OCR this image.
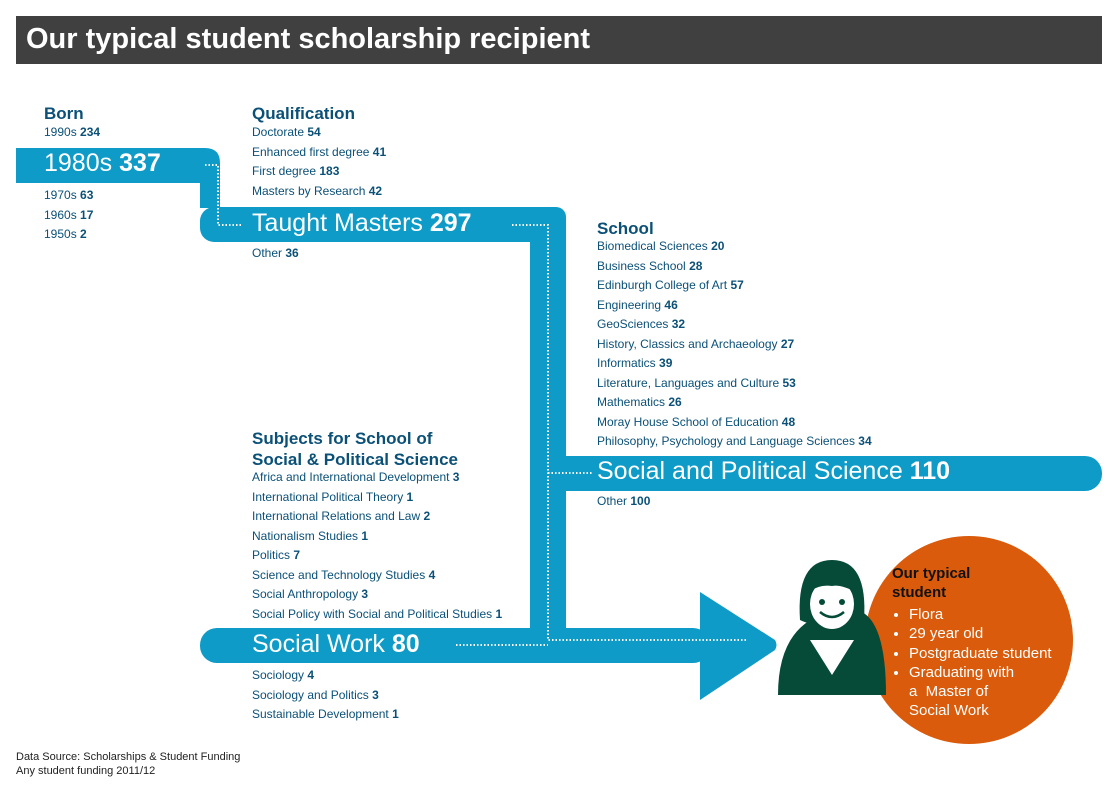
Our typical student scholarship recipient
Born
1990s 234
1980s 337
1970s 63
1960s 17
1950s 2
Qualification
Doctorate 54
Enhanced first degree 41
First degree 183
Masters by Research 42
Taught Masters 297
Other 36
School
Biomedical Sciences 20
Business School 28
Edinburgh College of Art 57
Engineering 46
GeoSciences 32
History, Classics and Archaeology 27
Informatics 39
Literature, Languages and Culture 53
Mathematics 26
Moray House School of Education 48
Philosophy, Psychology and Language Sciences 34
Social and Political Science 110
Other 100
Subjects for School of
Social & Political Science
Africa and International Development 3
International Political Theory 1
International Relations and Law 2
Nationalism Studies 1
Politics 7
Science and Technology Studies 4
Social Anthropology 3
Social Policy with Social and Political Studies 1
Social Work 80
Sociology 4
Sociology and Politics 3
Sustainable Development 1
Our typical
student
• Flora
• 29 year old
• Postgraduate student
• Graduating with
a  Master of
Social Work
Data Source: Scholarships & Student Funding
Any student funding 2011/12
